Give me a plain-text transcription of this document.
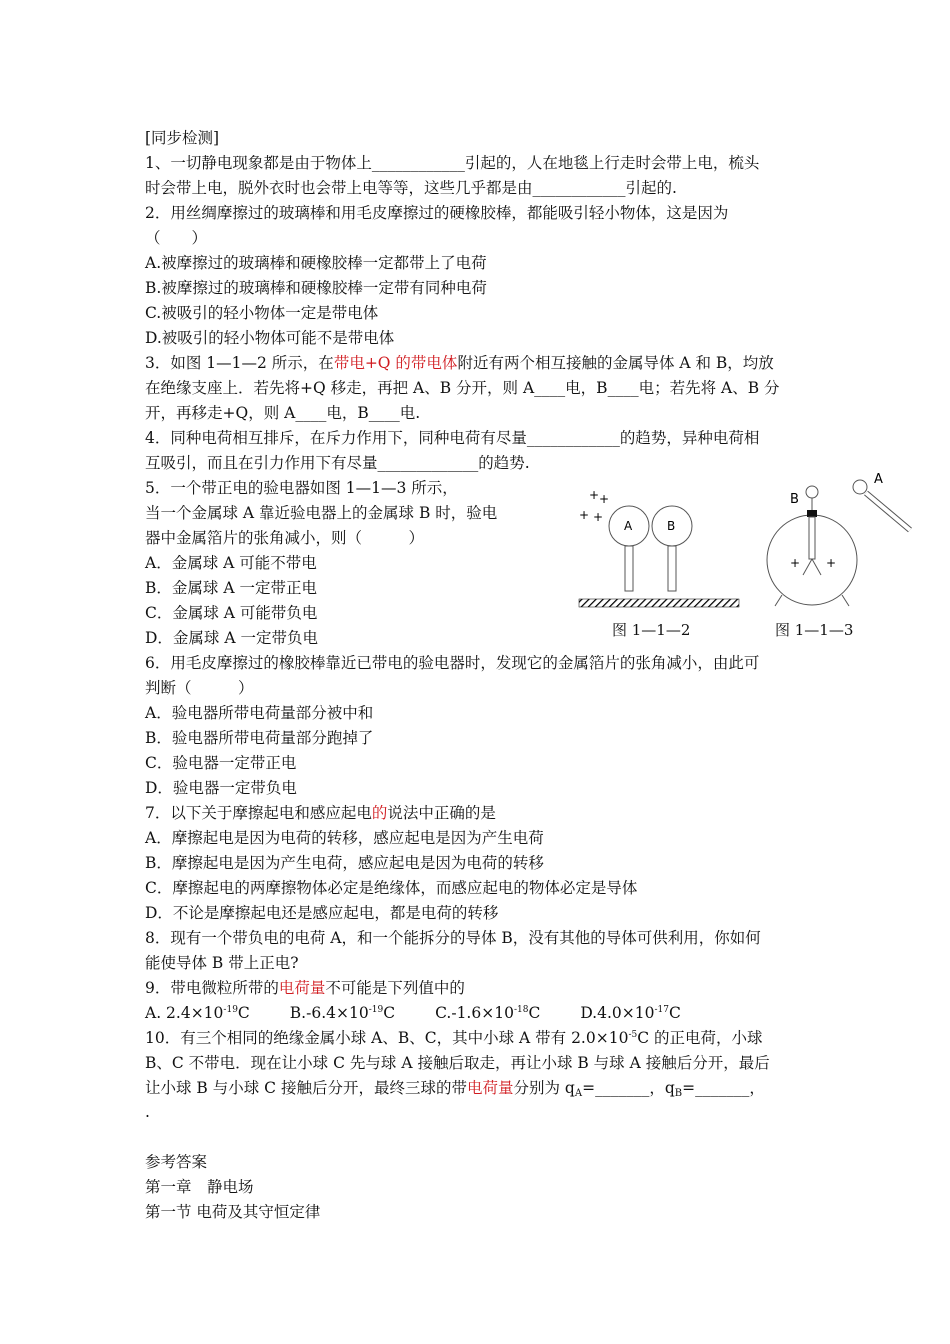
[同步检测]
1、一切静电现象都是由于物体上____________引起的，人在地毯上行走时会带上电，梳头
时会带上电，脱外衣时也会带上电等等，这些几乎都是由____________引起的.
2．用丝绸摩擦过的玻璃棒和用毛皮摩擦过的硬橡胶棒，都能吸引轻小物体，这是因为
（　　）
A.被摩擦过的玻璃棒和硬橡胶棒一定都带上了电荷
B.被摩擦过的玻璃棒和硬橡胶棒一定带有同种电荷
C.被吸引的轻小物体一定是带电体
D.被吸引的轻小物体可能不是带电体
3．如图 1—1—2 所示，在带电+Q 的带电体附近有两个相互接触的金属导体 A 和 B，均放
在绝缘支座上．若先将+Q 移走，再把 A、B 分开，则 A____电，B____电；若先将 A、B 分
开，再移走+Q，则 A____电，B____电.
4．同种电荷相互排斥，在斥力作用下，同种电荷有尽量____________的趋势，异种电荷相
互吸引，而且在引力作用下有尽量_____________的趋势.
5．一个带正电的验电器如图 1—1—3 所示，
当一个金属球 A 靠近验电器上的金属球 B 时，验电
器中金属箔片的张角减小，则（　　　）
A．金属球 A 可能不带电
B．金属球 A 一定带正电
C．金属球 A 可能带负电
D．金属球 A 一定带负电
+ +
+ +
A	B
图 1—1—2
A
B
+ +
图 1—1—3
6．用毛皮摩擦过的橡胶棒靠近已带电的验电器时，发现它的金属箔片的张角减小，由此可
判断（　　　）
A．验电器所带电荷量部分被中和
B．验电器所带电荷量部分跑掉了
C．验电器一定带正电
D．验电器一定带负电
7．以下关于摩擦起电和感应起电的说法中正确的是
A．摩擦起电是因为电荷的转移，感应起电是因为产生电荷
B．摩擦起电是因为产生电荷，感应起电是因为电荷的转移
C．摩擦起电的两摩擦物体必定是绝缘体，而感应起电的物体必定是导体
D．不论是摩擦起电还是感应起电，都是电荷的转移
8．现有一个带负电的电荷 A，和一个能拆分的导体 B，没有其他的导体可供利用，你如何
能使导体 B 带上正电?
9．带电微粒所带的电荷量不可能是下列值中的
A. $2.4\times 10^{-19}C$	$B.-6.4\times 10^{-19}C$	$C.-1.6\times 10^{-18}C$	$D.4.0\times 10^{-17}C$
10．有三个相同的绝缘金属小球 A、B、C，其中小球 A 带有 $2.0\times 10^{-5}C$ 的正电荷，小球
B、C 不带电．现在让小球 C 先与球 A 接触后取走，再让小球 B 与球 A 接触后分开，最后
让小球 B 与小球 C 接触后分开，最终三球的带电荷量分别为 $q_A=\_\_\_\_\_\_\_$，$q_B=\_\_\_\_\_\_\_$，
.
参考答案
第一章　静电场
第一节 电荷及其守恒定律
